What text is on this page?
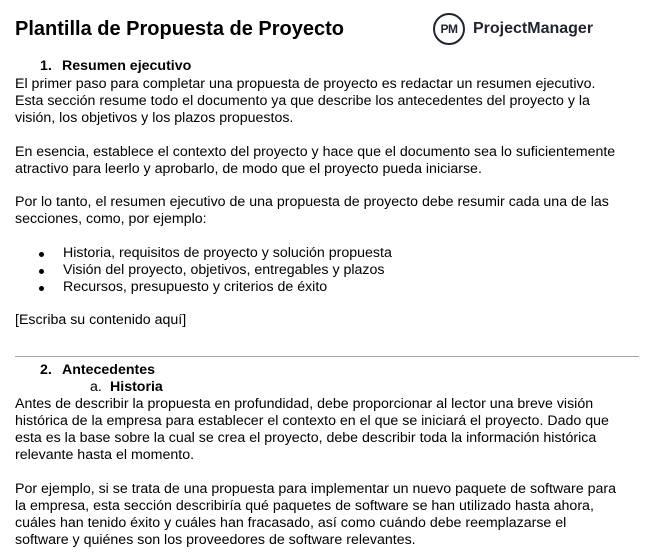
Plantilla de Propuesta de Proyecto	PM ProjectManager
1. Resumen ejecutivo
El primer paso para completar una propuesta de proyecto es redactar un resumen ejecutivo.
Esta sección resume todo el documento ya que describe los antecedentes del proyecto y la
visión, los objetivos y los plazos propuestos.
En esencia, establece el contexto del proyecto y hace que el documento sea lo suficientemente
atractivo para leerlo y aprobarlo, de modo que el proyecto pueda iniciarse.
Por lo tanto, el resumen ejecutivo de una propuesta de proyecto debe resumir cada una de las
secciones, como, por ejemplo:
Historia, requisitos de proyecto y solución propuesta
Visión del proyecto, objetivos, entregables y plazos
Recursos, presupuesto y criterios de éxito
[Escriba su contenido aquí]
2. Antecedentes
a. Historia
Antes de describir la propuesta en profundidad, debe proporcionar al lector una breve visión
histórica de la empresa para establecer el contexto en el que se iniciará el proyecto. Dado que
esta es la base sobre la cual se crea el proyecto, debe describir toda la información histórica
relevante hasta el momento.
Por ejemplo, si se trata de una propuesta para implementar un nuevo paquete de software para
la empresa, esta sección describiría qué paquetes de software se han utilizado hasta ahora,
cuáles han tenido éxito y cuáles han fracasado, así como cuándo debe reemplazarse el
software y quiénes son los proveedores de software relevantes.
